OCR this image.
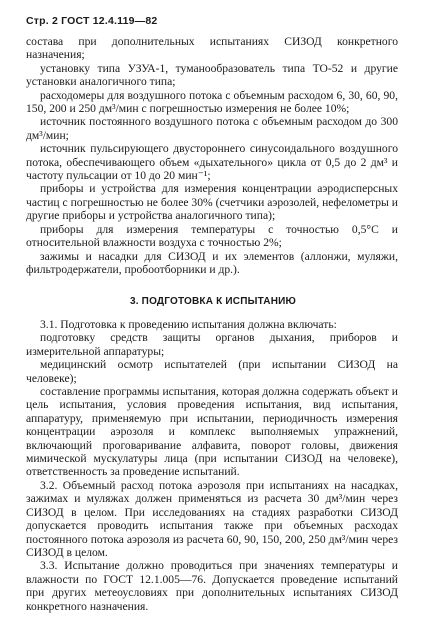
Стр. 2 ГОСТ 12.4.119—82

состава при дополнительных испытаниях СИЗОД конкретного назначения;

установку типа УЗУА-1, туманообразователь типа ТО-52 и другие установки аналогичного типа;

расходомеры для воздушного потока с объемным расходом 6, 30, 60, 90, 150, 200 и 250 дм³/мин с погрешностью измерения не более 10%;

источник постоянного воздушного потока с объемным расходом до 300 дм³/мин;

источник пульсирующего двустороннего синусоидального воздушного потока, обеспечивающего объем «дыхательного» цикла от 0,5 до 2 дм³ и частоту пульсации от 10 до 20 мин⁻¹;

приборы и устройства для измерения концентрации аэродисперсных частиц с погрешностью не более 30% (счетчики аэрозолей, нефелометры и другие приборы и устройства аналогичного типа);

приборы для измерения температуры с точностью 0,5°С и относительной влажности воздуха с точностью 2%;

зажимы и насадки для СИЗОД и их элементов (аллонжи, муляжи, фильтродержатели, пробоотборники и др.).

3. ПОДГОТОВКА К ИСПЫТАНИЮ

3.1. Подготовка к проведению испытания должна включать:

подготовку средств защиты органов дыхания, приборов и измерительной аппаратуры;

медицинский осмотр испытателей (при испытании СИЗОД на человеке);

составление программы испытания, которая должна содержать объект и цель испытания, условия проведения испытания, вид испытания, аппаратуру, применяемую при испытании, периодичность измерения концентрации аэрозоля и комплекс выполняемых упражнений, включающий проговаривание алфавита, поворот головы, движения мимической мускулатуры лица (при испытании СИЗОД на человеке), ответственность за проведение испытаний.

3.2. Объемный расход потока аэрозоля при испытаниях на насадках, зажимах и муляжах должен применяться из расчета 30 дм³/мин через СИЗОД в целом. При исследованиях на стадиях разработки СИЗОД допускается проводить испытания также при объемных расходах постоянного потока аэрозоля из расчета 60, 90, 150, 200, 250 дм³/мин через СИЗОД в целом.

3.3. Испытание должно проводиться при значениях температуры и влажности по ГОСТ 12.1.005—76. Допускается проведение испытаний при других метеоусловиях при дополнительных испытаниях СИЗОД конкретного назначения.
